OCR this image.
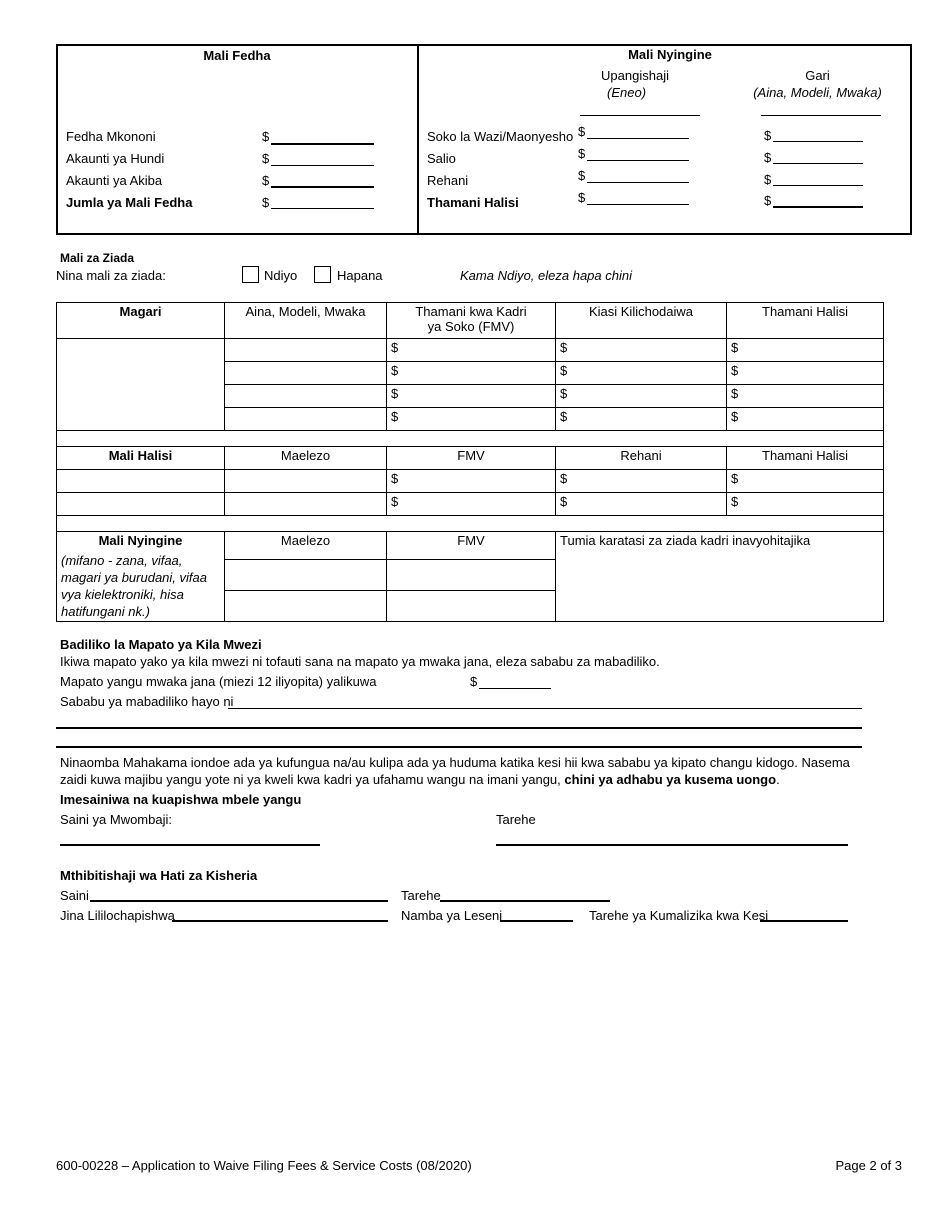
Mali Fedha
Fedha Mkononi	$
Akaunti ya Hundi	$
Akaunti ya Akiba	$
Jumla ya Mali Fedha	$
Mali Nyingine
Upangishaji
(Eneo)
Gari
(Aina, Modeli, Mwaka)
Soko la Wazi/Maonyesho $	$
Salio	$	$
Rehani	$	$
Thamani Halisi	$	$
Mali za Ziada
Nina mali za ziada:	Ndiyo	Hapana	Kama Ndiyo, eleza hapa chini
Magari	Aina, Modeli, Mwaka	Thamani kwa Kadri ya Soko (FMV)	Kiasi Kilichodaiwa	Thamani Halisi
		$	$	$
		$	$	$
		$	$	$
		$	$	$

Mali Halisi	Maelezo	FMV	Rehani	Thamani Halisi
		$	$	$
		$	$	$

Mali Nyingine
(mifano - zana, vifaa, magari ya burudani, vifaa vya kielektroniki, hisa hatifungani nk.)	Maelezo	FMV	Tumia karatasi za ziada kadri inavyohitajika	

Badiliko la Mapato ya Kila Mwezi
Ikiwa mapato yako ya kila mwezi ni tofauti sana na mapato ya mwaka jana, eleza sababu za mabadiliko.
Mapato yangu mwaka jana (miezi 12 iliyopita) yalikuwa	$
Sababu ya mabadiliko hayo ni
Ninaomba Mahakama iondoe ada ya kufungua na/au kulipa ada ya huduma katika kesi hii kwa sababu ya kipato changu kidogo. Nasema zaidi kuwa majibu yangu yote ni ya kweli kwa kadri ya ufahamu wangu na imani yangu, chini ya adhabu ya kusema uongo.
Imesainiwa na kuapishwa mbele yangu
Saini ya Mwombaji:	Tarehe
Mthibitishaji wa Hati za Kisheria
Saini	Tarehe
Jina Lililochapishwa	Namba ya Leseni	Tarehe ya Kumalizika kwa Kesi
600-00228 – Application to Waive Filing Fees & Service Costs (08/2020)	Page 2 of 3
